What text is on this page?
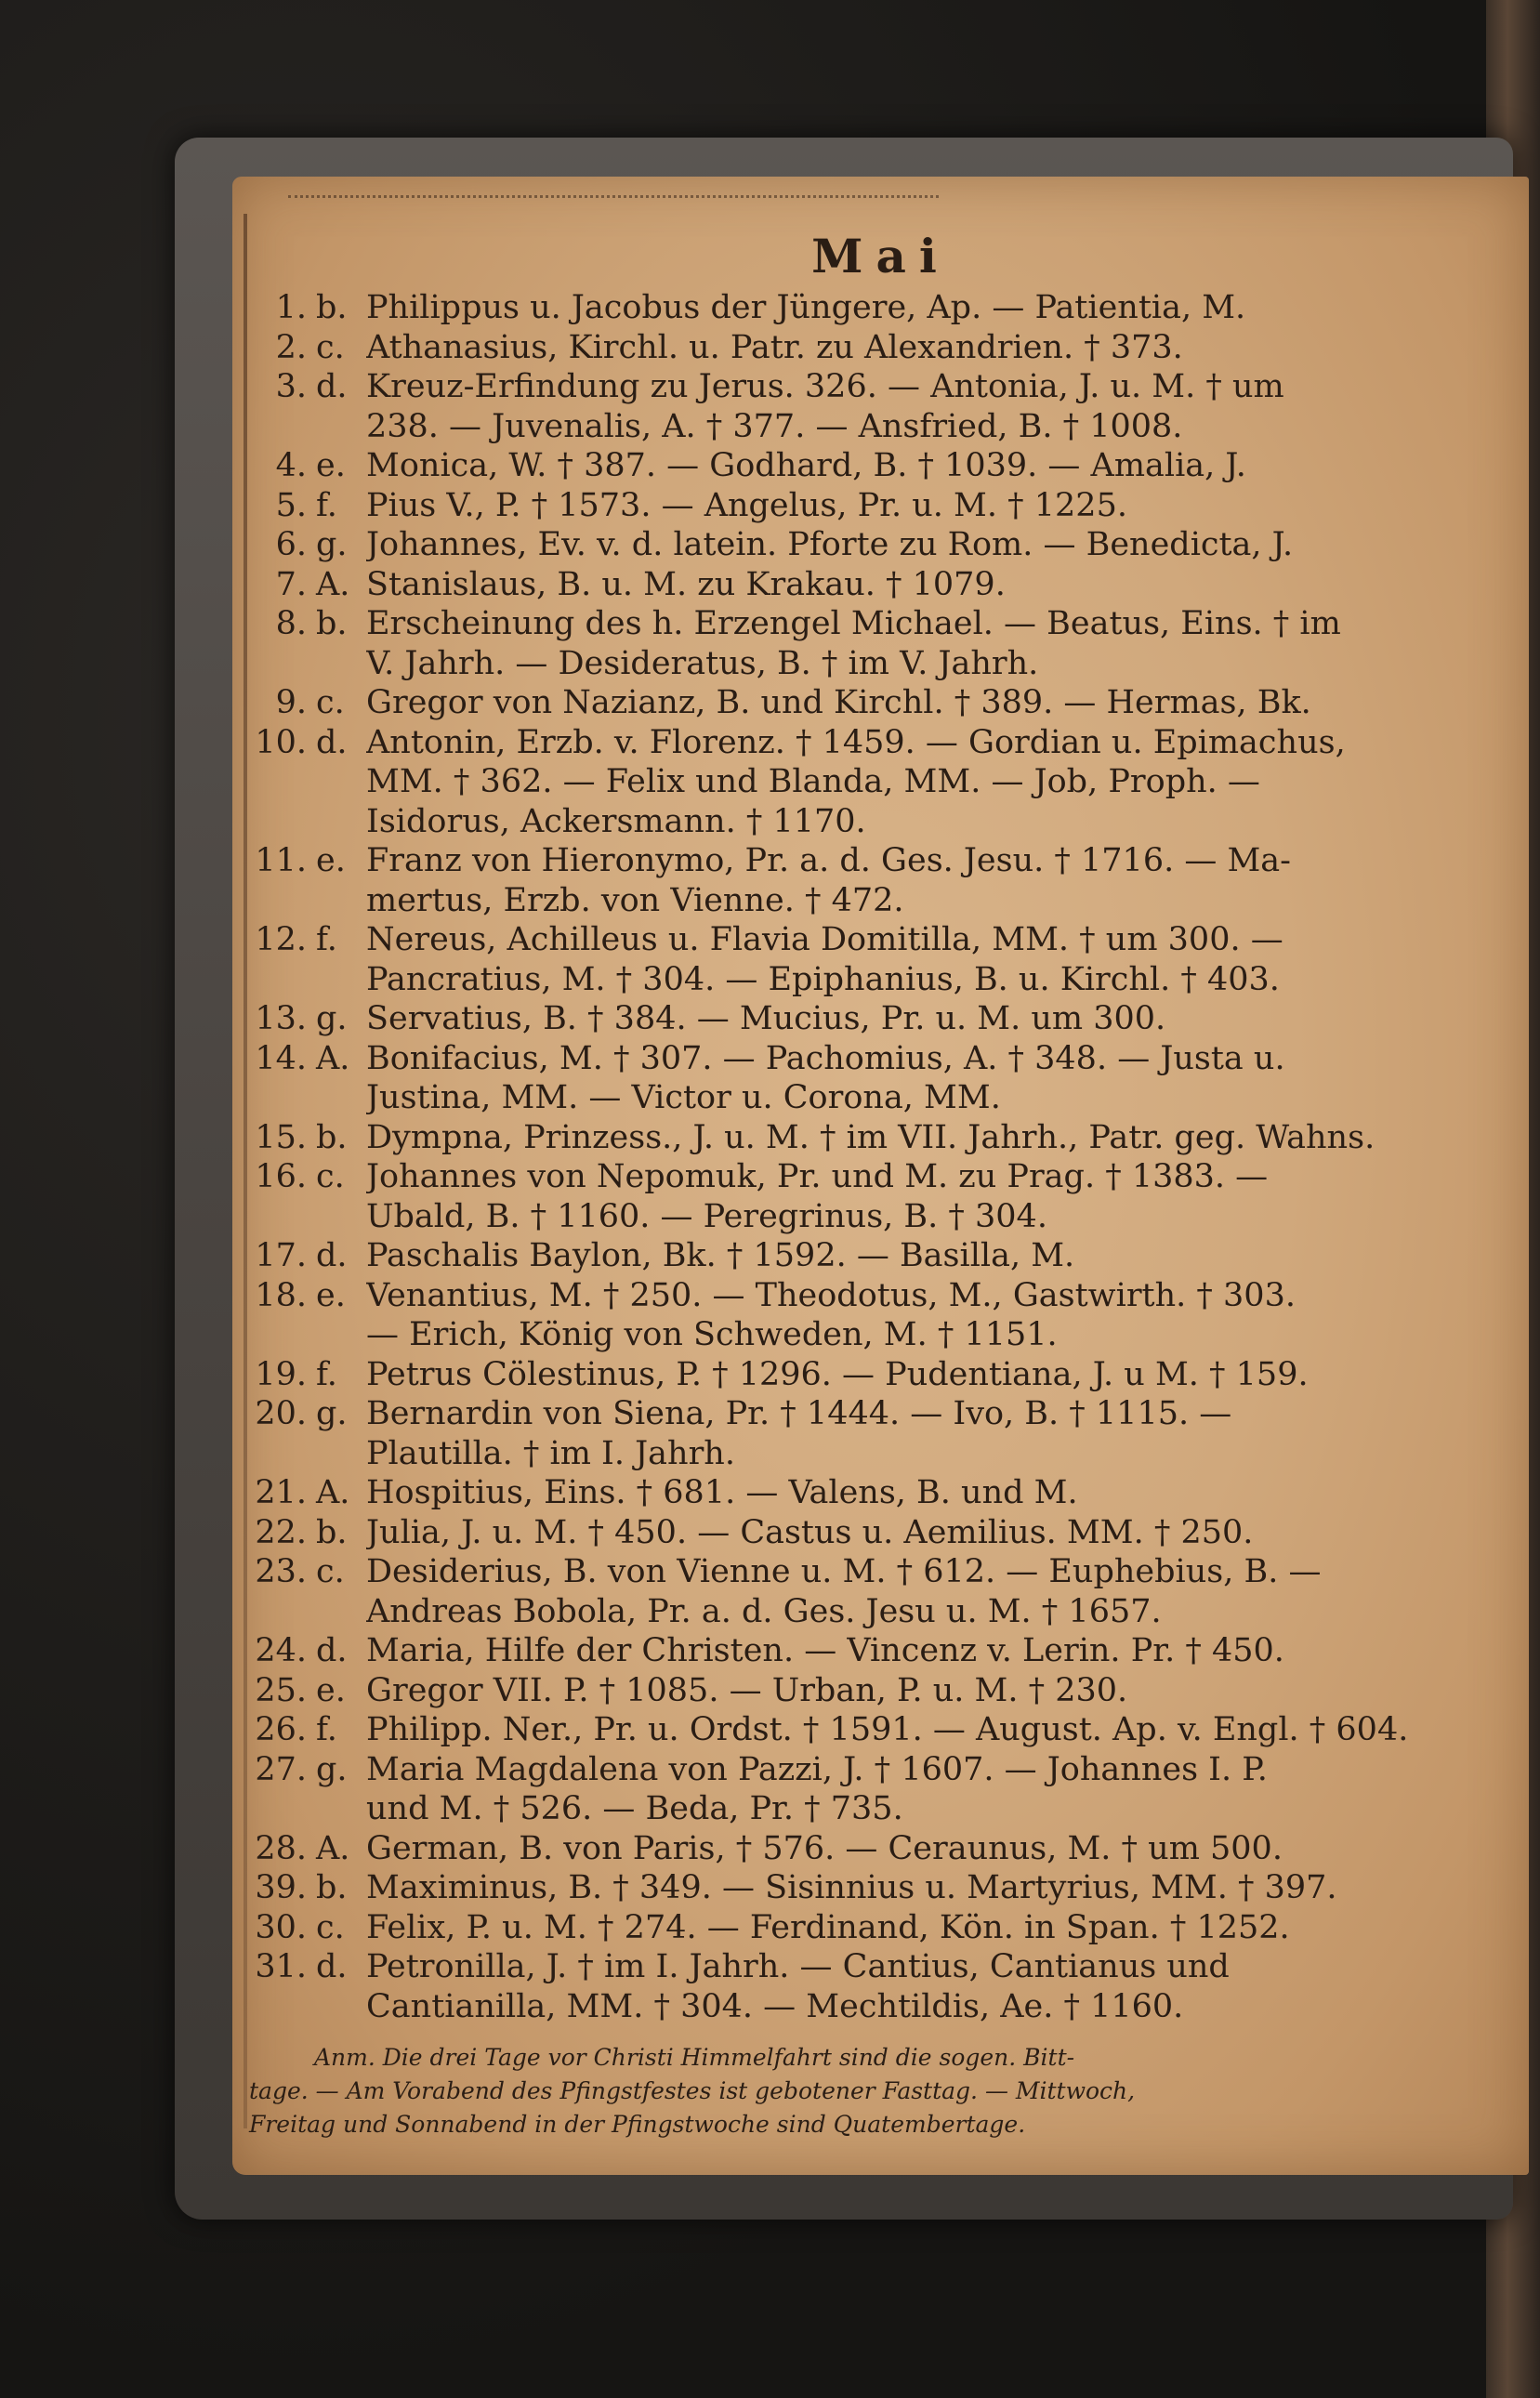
Mai
1. b. Philippus u. Jacobus der Jüngere, Ap. — Patientia, M.
2. c. Athanasius, Kirchl. u. Patr. zu Alexandrien. † 373.
3. d. Kreuz-Erfindung zu Jerus. 326. — Antonia, J. u. M. † um
238. — Juvenalis, A. † 377. — Ansfried, B. † 1008.
4. e. Monica, W. † 387. — Godhard, B. † 1039. — Amalia, J.
5. f. Pius V., P. † 1573. — Angelus, Pr. u. M. † 1225.
6. g. Johannes, Ev. v. d. latein. Pforte zu Rom. — Benedicta, J.
7. A. Stanislaus, B. u. M. zu Krakau. † 1079.
8. b. Erscheinung des h. Erzengel Michael. — Beatus, Eins. † im
V. Jahrh. — Desideratus, B. † im V. Jahrh.
9. c. Gregor von Nazianz, B. und Kirchl. † 389. — Hermas, Bk.
10. d. Antonin, Erzb. v. Florenz. † 1459. — Gordian u. Epimachus,
MM. † 362. — Felix und Blanda, MM. — Job, Proph. —
Isidorus, Ackersmann. † 1170.
11. e. Franz von Hieronymo, Pr. a. d. Ges. Jesu. † 1716. — Ma-
mertus, Erzb. von Vienne. † 472.
12. f. Nereus, Achilleus u. Flavia Domitilla, MM. † um 300. —
Pancratius, M. † 304. — Epiphanius, B. u. Kirchl. † 403.
13. g. Servatius, B. † 384. — Mucius, Pr. u. M. um 300.
14. A. Bonifacius, M. † 307. — Pachomius, A. † 348. — Justa u.
Justina, MM. — Victor u. Corona, MM.
15. b. Dympna, Prinzess., J. u. M. † im VII. Jahrh., Patr. geg. Wahns.
16. c. Johannes von Nepomuk, Pr. und M. zu Prag. † 1383. —
Ubald, B. † 1160. — Peregrinus, B. † 304.
17. d. Paschalis Baylon, Bk. † 1592. — Basilla, M.
18. e. Venantius, M. † 250. — Theodotus, M., Gastwirth. † 303.
— Erich, König von Schweden, M. † 1151.
19. f. Petrus Cölestinus, P. † 1296. — Pudentiana, J. u M. † 159.
20. g. Bernardin von Siena, Pr. † 1444. — Ivo, B. † 1115. —
Plautilla. † im I. Jahrh.
21. A. Hospitius, Eins. † 681. — Valens, B. und M.
22. b. Julia, J. u. M. † 450. — Castus u. Aemilius. MM. † 250.
23. c. Desiderius, B. von Vienne u. M. † 612. — Euphebius, B. —
Andreas Bobola, Pr. a. d. Ges. Jesu u. M. † 1657.
24. d. Maria, Hilfe der Christen. — Vincenz v. Lerin. Pr. † 450.
25. e. Gregor VII. P. † 1085. — Urban, P. u. M. † 230.
26. f. Philipp. Ner., Pr. u. Ordst. † 1591. — August. Ap. v. Engl. † 604.
27. g. Maria Magdalena von Pazzi, J. † 1607. — Johannes I. P.
und M. † 526. — Beda, Pr. † 735.
28. A. German, B. von Paris, † 576. — Ceraunus, M. † um 500.
39. b. Maximinus, B. † 349. — Sisinnius u. Martyrius, MM. † 397.
30. c. Felix, P. u. M. † 274. — Ferdinand, Kön. in Span. † 1252.
31. d. Petronilla, J. † im I. Jahrh. — Cantius, Cantianus und
Cantianilla, MM. † 304. — Mechtildis, Ae. † 1160.
Anm. Die drei Tage vor Christi Himmelfahrt sind die sogen. Bitt-
tage. — Am Vorabend des Pfingstfestes ist gebotener Fasttag. — Mittwoch,
Freitag und Sonnabend in der Pfingstwoche sind Quatembertage.
